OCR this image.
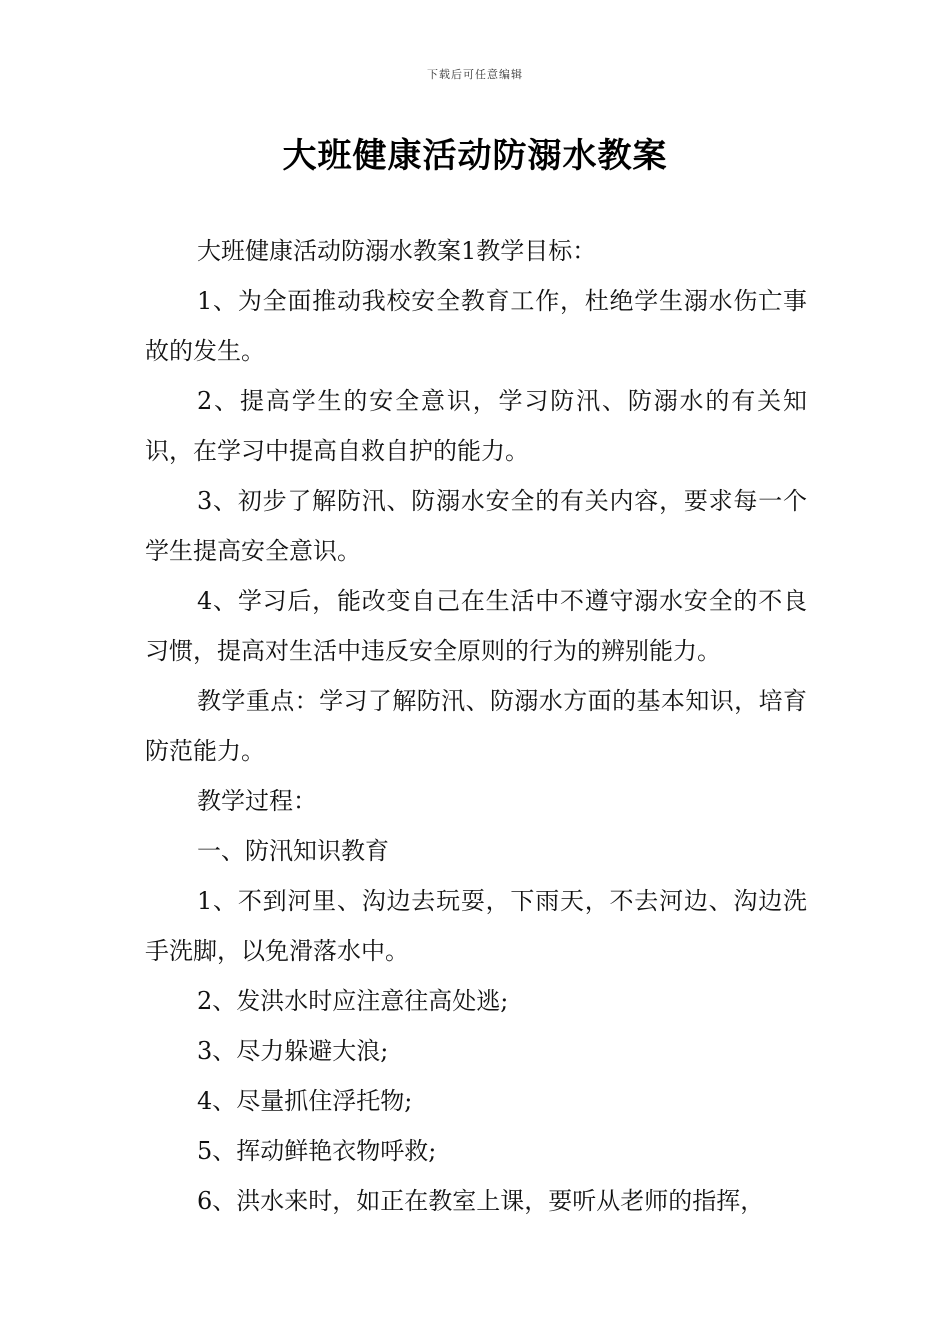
下载后可任意编辑
大班健康活动防溺水教案

大班健康活动防溺水教案1教学目标：

1、为全面推动我校安全教育工作，杜绝学生溺水伤亡事故的发生。

2、提高学生的安全意识，学习防汛、防溺水的有关知识，在学习中提高自救自护的能力。

3、初步了解防汛、防溺水安全的有关内容，要求每一个学生提高安全意识。

4、学习后，能改变自己在生活中不遵守溺水安全的不良习惯，提高对生活中违反安全原则的行为的辨别能力。

教学重点：学习了解防汛、防溺水方面的基本知识，培育防范能力。

教学过程：

一、防汛知识教育

1、不到河里、沟边去玩耍，下雨天，不去河边、沟边洗手洗脚，以免滑落水中。

2、发洪水时应注意往高处逃;

3、尽力躲避大浪;

4、尽量抓住浮托物;

5、挥动鲜艳衣物呼救;

6、洪水来时，如正在教室上课，要听从老师的指挥，
